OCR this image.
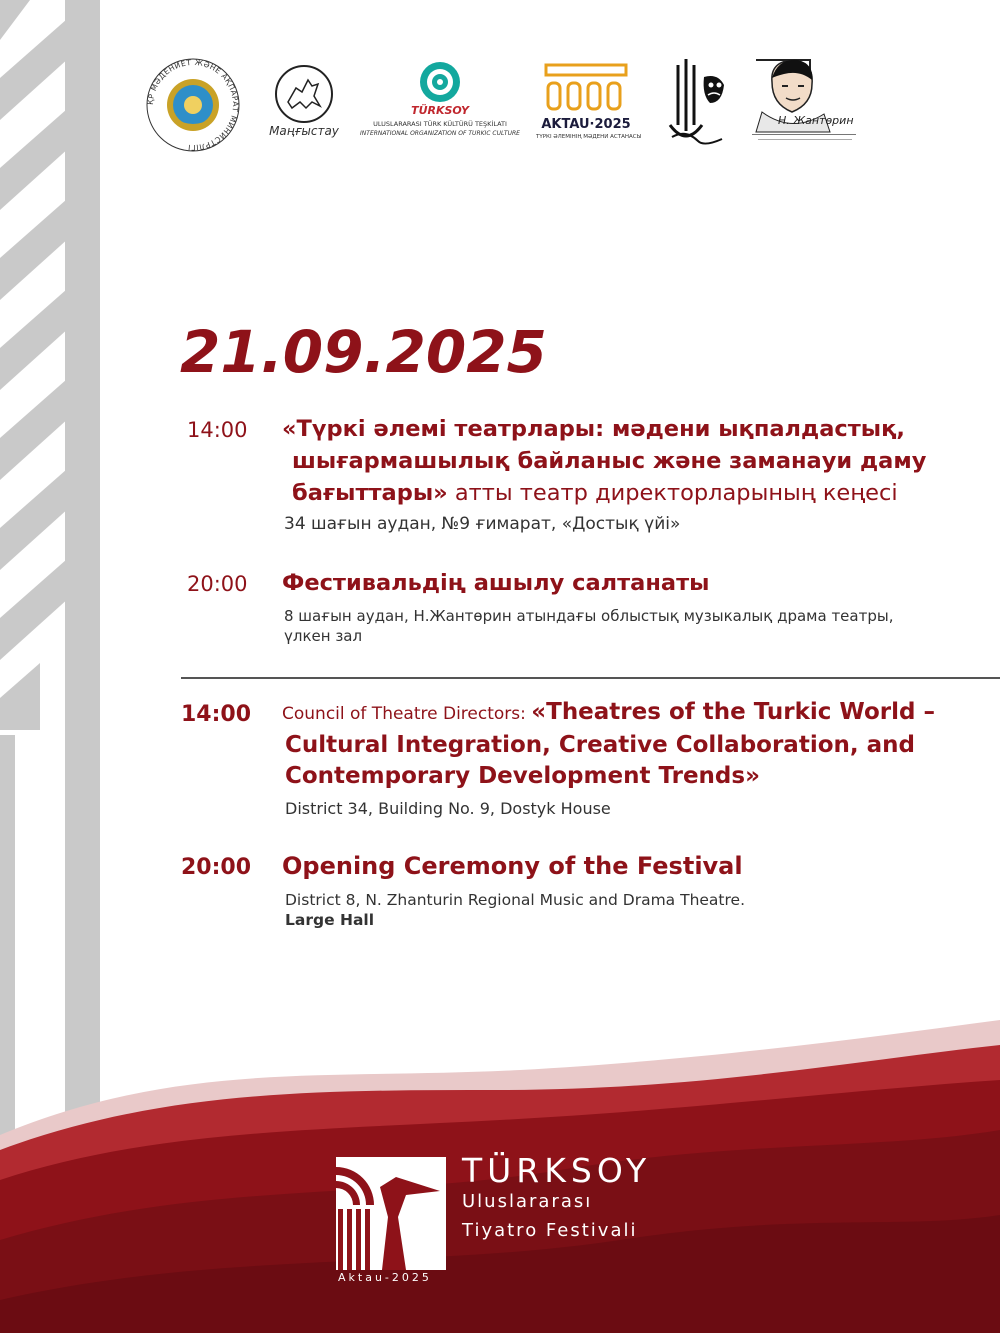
ҚР МӘДЕНИЕТ ЖӘНЕ АҚПАРАТ МИНИСТРЛІГІ
Маңғыстау
TÜRKSOY
ULUSLARARASI TÜRK KÜLTÜRÜ TEŞKİLATI
INTERNATIONAL ORGANIZATION OF TURKIC CULTURE
AKTAU·2025
ТҮРКІ ӘЛЕМІНІҢ МӘДЕНИ АСТАНАСЫ
Н. Жантөрин
21.09.2025
14:00 «Түркі әлемі театрлары: мәдени ықпалдастық,
шығармашылық байланыс және заманауи даму
бағыттары» атты театр директорларының кеңесі
34 шағын аудан, №9 ғимарат, «Достық үйі»
20:00 Фестивальдің ашылу салтанаты
8 шағын аудан, Н.Жантөрин атындағы облыстық музыкалық драма театры,
үлкен зал
14:00 Council of Theatre Directors: «Theatres of the Turkic World –
Cultural Integration, Creative Collaboration, and
Contemporary Development Trends»
District 34, Building No. 9, Dostyk House
20:00 Opening Ceremony of the Festival
District 8, N. Zhanturin Regional Music and Drama Theatre.
Large Hall
TÜRKSOY
Uluslararası
Tiyatro Festivali
Aktau-2025
